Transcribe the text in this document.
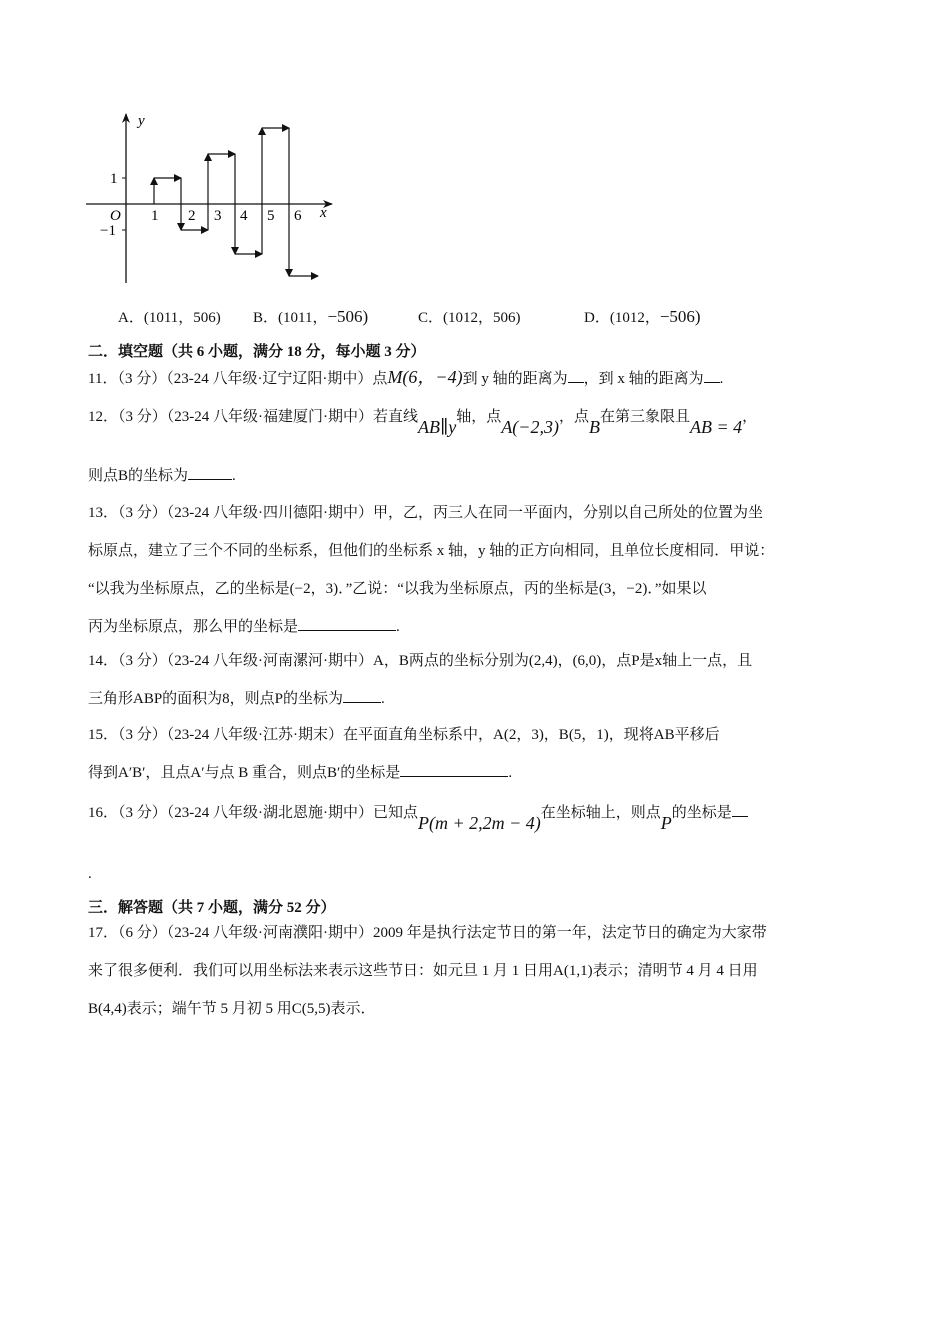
y
x
O
1
−1
1 2 3 4 5 6
A．(1011，506) B．(1011，−506)	C．(1012，506)	D．(1012，−506)
二．填空题（共 6 小题，满分 18 分，每小题 3 分）
11．（3 分）（23-24 八年级·辽宁辽阳·期中）点M(6，−4)到 y 轴的距离为 ，到 x 轴的距离为 .
12．（3 分）（23-24 八年级·福建厦门·期中）若直线AB∥y轴，点A(−2,3)，点B在第三象限且AB = 4，
则点B的坐标为	.
13．（3 分）（23-24 八年级·四川德阳·期中）甲，乙，丙三人在同一平面内，分别以自己所处的位置为坐
标原点，建立了三个不同的坐标系，但他们的坐标系 x 轴，y 轴的正方向相同，且单位长度相同．甲说：
“以我为坐标原点，乙的坐标是(−2，3)．”乙说：“以我为坐标原点，丙的坐标是(3，−2)．”如果以
丙为坐标原点，那么甲的坐标是	.
14．（3 分）（23-24 八年级·河南漯河·期中）A，B两点的坐标分别为(2,4)，(6,0)，点P是x轴上一点，且
三角形ABP的面积为8，则点P的坐标为	.
15．（3 分）（23-24 八年级·江苏·期末）在平面直角坐标系中，A(2，3)，B(5，1)，现将AB平移后
得到A′B′，且点A′与点 B 重合，则点B′的坐标是	.
16．（3 分）（23-24 八年级·湖北恩施·期中）已知点P(m + 2,2m − 4)在坐标轴上，则点P的坐标是
.
三．解答题（共 7 小题，满分 52 分）
17．（6 分）（23-24 八年级·河南濮阳·期中）2009 年是执行法定节日的第一年，法定节日的确定为大家带
来了很多便利．我们可以用坐标法来表示这些节日：如元旦 1 月 1 日用A(1,1)表示；清明节 4 月 4 日用
B(4,4)表示；端午节 5 月初 5 用C(5,5)表示．
